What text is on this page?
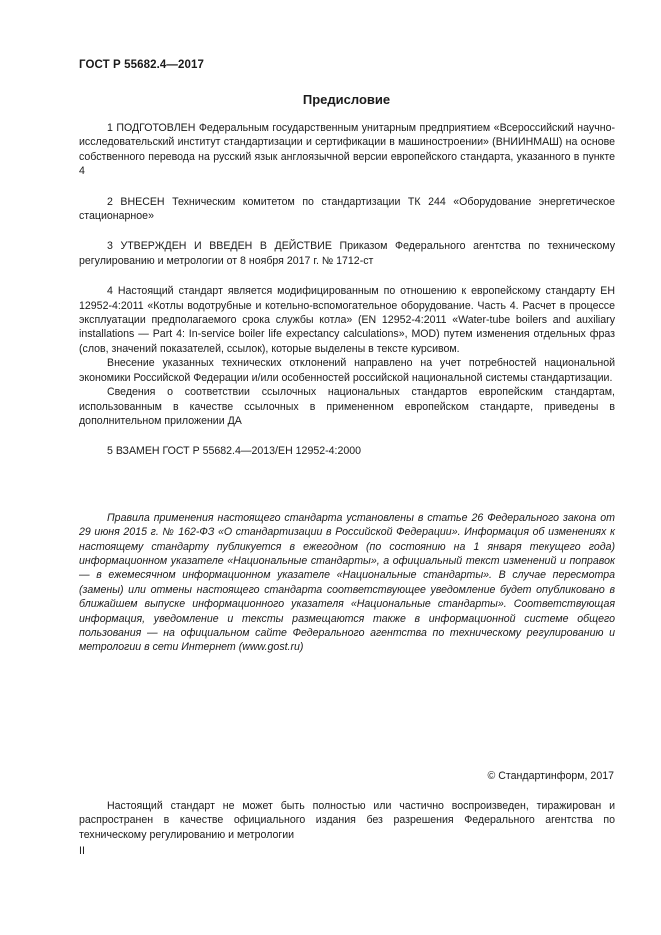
ГОСТ Р 55682.4—2017
Предисловие

1 ПОДГОТОВЛЕН Федеральным государственным унитарным предприятием «Всероссийский научно-исследовательский институт стандартизации и сертификации в машиностроении» (ВНИИНМАШ) на основе собственного перевода на русский язык англоязычной версии европейского стандарта, указанного в пункте 4

2 ВНЕСЕН Техническим комитетом по стандартизации ТК 244 «Оборудование энергетическое стационарное»

3 УТВЕРЖДЕН И ВВЕДЕН В ДЕЙСТВИЕ Приказом Федерального агентства по техническому регулированию и метрологии от 8 ноября 2017 г. № 1712-ст

4 Настоящий стандарт является модифицированным по отношению к европейскому стандарту ЕН 12952-4:2011 «Котлы водотрубные и котельно-вспомогательное оборудование. Часть 4. Расчет в процессе эксплуатации предполагаемого срока службы котла» (EN 12952-4:2011 «Water-tube boilers and auxiliary installations — Part 4: In-service boiler life expectancy calculations», MOD) путем изменения отдельных фраз (слов, значений показателей, ссылок), которые выделены в тексте курсивом.

Внесение указанных технических отклонений направлено на учет потребностей национальной экономики Российской Федерации и/или особенностей российской национальной системы стандартизации.

Сведения о соответствии ссылочных национальных стандартов европейским стандартам, использованным в качестве ссылочных в примененном европейском стандарте, приведены в дополнительном приложении ДА

5 ВЗАМЕН ГОСТ Р 55682.4—2013/ЕН 12952-4:2000

Правила применения настоящего стандарта установлены в статье 26 Федерального закона от 29 июня 2015 г. № 162-ФЗ «О стандартизации в Российской Федерации». Информация об изменениях к настоящему стандарту публикуется в ежегодном (по состоянию на 1 января текущего года) информационном указателе «Национальные стандарты», а официальный текст изменений и поправок — в ежемесячном информационном указателе «Национальные стандарты». В случае пересмотра (замены) или отмены настоящего стандарта соответствующее уведомление будет опубликовано в ближайшем выпуске информационного указателя «Национальные стандарты». Соответствующая информация, уведомление и тексты размещаются также в информационной системе общего пользования — на официальном сайте Федерального агентства по техническому регулированию и метрологии в сети Интернет (www.gost.ru)

© Стандартинформ, 2017

Настоящий стандарт не может быть полностью или частично воспроизведен, тиражирован и распространен в качестве официального издания без разрешения Федерального агентства по техническому регулированию и метрологии

II
